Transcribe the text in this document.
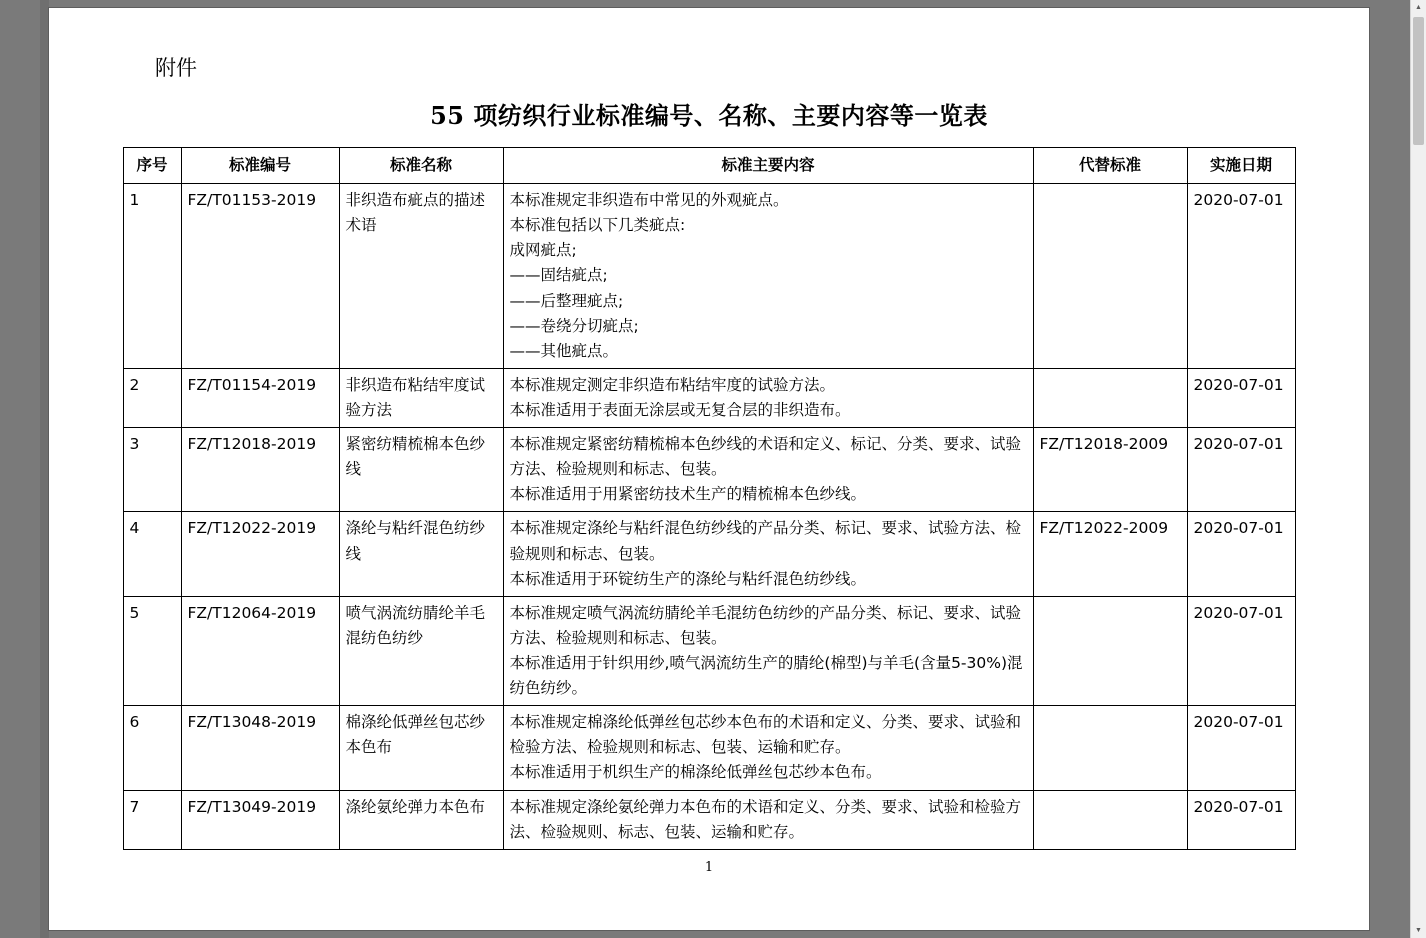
附件
55 项纺织行业标准编号、名称、主要内容等一览表
序号	标准编号	标准名称	标准主要内容	代替标准	实施日期
1	FZ/T01153-2019	非织造布疵点的描述术语	
本标准规定非织造布中常见的外观疵点。
本标准包括以下几类疵点:
成网疵点;
——固结疵点;
——后整理疵点;
——卷绕分切疵点;
——其他疵点。
		2020-07-01
2	FZ/T01154-2019	非织造布粘结牢度试验方法	本标准规定测定非织造布粘结牢度的试验方法。
本标准适用于表面无涂层或无复合层的非织造布。		2020-07-01
3	FZ/T12018-2019	紧密纺精梳棉本色纱线	本标准规定紧密纺精梳棉本色纱线的术语和定义、标记、分类、要求、试验方法、检验规则和标志、包装。
本标准适用于用紧密纺技术生产的精梳棉本色纱线。	FZ/T12018-2009	2020-07-01
4	FZ/T12022-2019	涤纶与粘纤混色纺纱线	本标准规定涤纶与粘纤混色纺纱线的产品分类、标记、要求、试验方法、检验规则和标志、包装。
本标准适用于环锭纺生产的涤纶与粘纤混色纺纱线。	FZ/T12022-2009	2020-07-01
5	FZ/T12064-2019	喷气涡流纺腈纶羊毛混纺色纺纱	本标准规定喷气涡流纺腈纶羊毛混纺色纺纱的产品分类、标记、要求、试验方法、检验规则和标志、包装。
本标准适用于针织用纱,喷气涡流纺生产的腈纶(棉型)与羊毛(含量5-30%)混纺色纺纱。		2020-07-01
6	FZ/T13048-2019	棉涤纶低弹丝包芯纱本色布	本标准规定棉涤纶低弹丝包芯纱本色布的术语和定义、分类、要求、试验和检验方法、检验规则和标志、包装、运输和贮存。
本标准适用于机织生产的棉涤纶低弹丝包芯纱本色布。		2020-07-01
7	FZ/T13049-2019	涤纶氨纶弹力本色布	本标准规定涤纶氨纶弹力本色布的术语和定义、分类、要求、试验和检验方法、检验规则、标志、包装、运输和贮存。		2020-07-01
1
▲
▼
